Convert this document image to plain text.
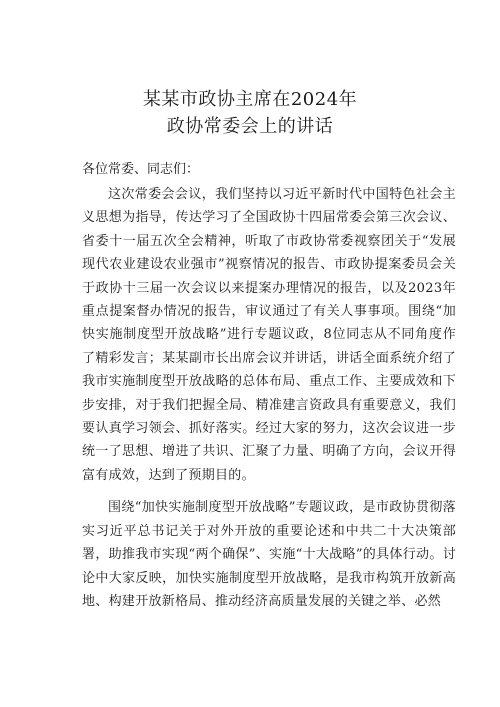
某某市政协主席在2024年
政协常委会上的讲话
各位常委、同志们：

这次常委会会议，我们坚持以习近平新时代中国特色社会主义思想为指导，传达学习了全国政协十四届常委会第三次会议、省委十一届五次全会精神，听取了市政协常委视察团关于“发展现代农业建设农业强市”视察情况的报告、市政协提案委员会关于政协十三届一次会议以来提案办理情况的报告，以及2023年重点提案督办情况的报告，审议通过了有关人事事项。围绕“加快实施制度型开放战略”进行专题议政，8位同志从不同角度作了精彩发言；某某副市长出席会议并讲话，讲话全面系统介绍了我市实施制度型开放战略的总体布局、重点工作、主要成效和下步安排，对于我们把握全局、精准建言资政具有重要意义，我们要认真学习领会、抓好落实。经过大家的努力，这次会议进一步统一了思想、增进了共识、汇聚了力量、明确了方向，会议开得富有成效，达到了预期目的。

围绕“加快实施制度型开放战略”专题议政，是市政协贯彻落实习近平总书记关于对外开放的重要论述和中共二十大决策部署，助推我市实现“两个确保”、实施“十大战略”的具体行动。讨论中大家反映，加快实施制度型开放战略，是我市构筑开放新高地、构建开放新格局、推动经济高质量发展的关键之举、必然
